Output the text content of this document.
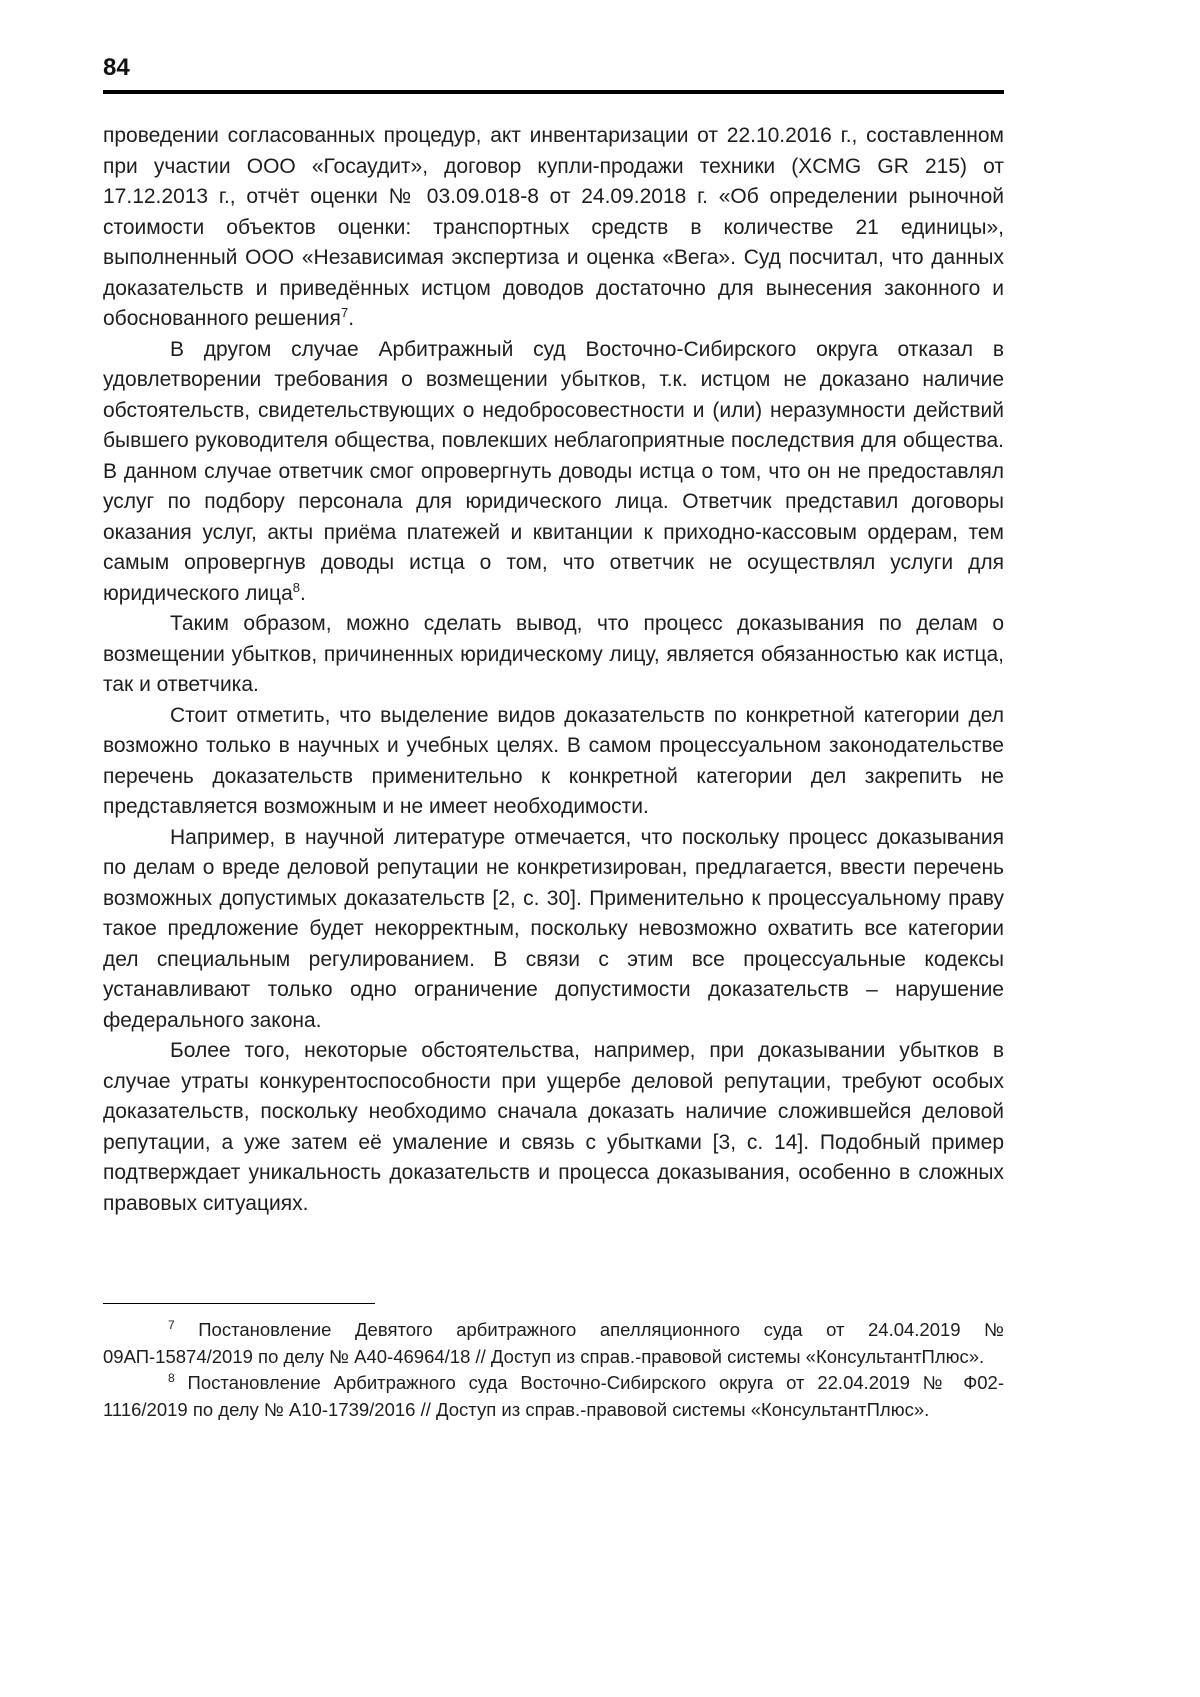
84

проведении согласованных процедур, акт инвентаризации от 22.10.2016 г., составленном при участии ООО «Госаудит», договор купли-продажи техники (XCMG GR 215) от 17.12.2013 г., отчёт оценки № 03.09.018-8 от 24.09.2018 г. «Об определении рыночной стоимости объектов оценки: транспортных средств в количестве 21 единицы», выполненный ООО «Независимая экспертиза и оценка «Вега». Суд посчитал, что данных доказательств и приведённых истцом доводов достаточно для вынесения законного и обоснованного решения$^7$.

В другом случае Арбитражный суд Восточно-Сибирского округа отказал в удовлетворении требования о возмещении убытков, т.к. истцом не доказано наличие обстоятельств, свидетельствующих о недобросовестности и (или) неразумности действий бывшего руководителя общества, повлекших неблагоприятные последствия для общества. В данном случае ответчик смог опровергнуть доводы истца о том, что он не предоставлял услуг по подбору персонала для юридического лица. Ответчик представил договоры оказания услуг, акты приёма платежей и квитанции к приходно-кассовым ордерам, тем самым опровергнув доводы истца о том, что ответчик не осуществлял услуги для юридического лица$^8$.

Таким образом, можно сделать вывод, что процесс доказывания по делам о возмещении убытков, причиненных юридическому лицу, является обязанностью как истца, так и ответчика.

Стоит отметить, что выделение видов доказательств по конкретной категории дел возможно только в научных и учебных целях. В самом процессуальном законодательстве перечень доказательств применительно к конкретной категории дел закрепить не представляется возможным и не имеет необходимости.

Например, в научной литературе отмечается, что поскольку процесс доказывания по делам о вреде деловой репутации не конкретизирован, предлагается, ввести перечень возможных допустимых доказательств [2, с. 30]. Применительно к процессуальному праву такое предложение будет некорректным, поскольку невозможно охватить все категории дел специальным регулированием. В связи с этим все процессуальные кодексы устанавливают только одно ограничение допустимости доказательств – нарушение федерального закона.

Более того, некоторые обстоятельства, например, при доказывании убытков в случае утраты конкурентоспособности при ущербе деловой репутации, требуют особых доказательств, поскольку необходимо сначала доказать наличие сложившейся деловой репутации, а уже затем её умаление и связь с убытками [3, с. 14]. Подобный пример подтверждает уникальность доказательств и процесса доказывания, особенно в сложных правовых ситуациях.

$^7$ Постановление Девятого арбитражного апелляционного суда от 24.04.2019 № 09АП-15874/2019 по делу № А40-46964/18 // Доступ из справ.-правовой системы «КонсультантПлюс».

$^8$ Постановление Арбитражного суда Восточно-Сибирского округа от 22.04.2019 № Ф02-1116/2019 по делу № А10-1739/2016 // Доступ из справ.-правовой системы «КонсультантПлюс».
